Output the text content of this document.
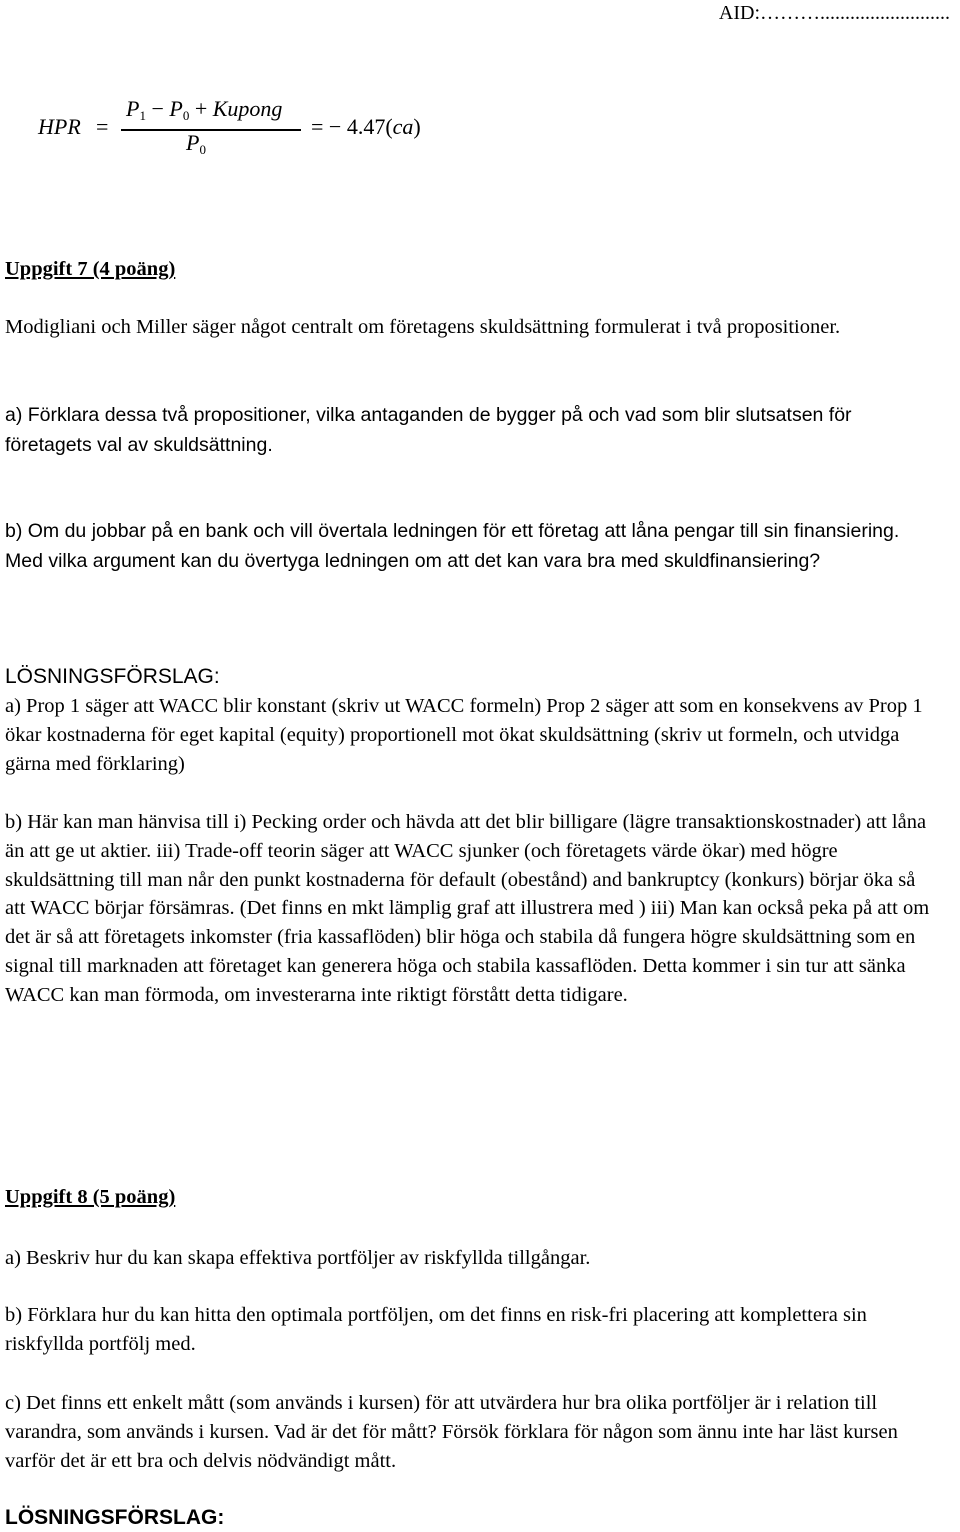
AID:………..........................
HPR =
$P_1 - P_0$ + Kupong
$P_0$
= − 4.47(ca)

Uppgift 7 (4 poäng)

Modigliani och Miller säger något centralt om företagens skuldsättning formulerat i två propositioner.

a) Förklara dessa två propositioner, vilka antaganden de bygger på och vad som blir slutsatsen för företagets val av skuldsättning.

b) Om du jobbar på en bank och vill övertala ledningen för ett företag att låna pengar till sin finansiering. Med vilka argument kan du övertyga ledningen om att det kan vara bra med skuldfinansiering?

LÖSNINGSFÖRSLAG:

a) Prop 1 säger att WACC blir konstant (skriv ut WACC formeln) Prop 2 säger att som en konsekvens av Prop 1 ökar kostnaderna för eget kapital (equity) proportionell mot ökat skuldsättning (skriv ut formeln, och utvidga gärna med förklaring)

b) Här kan man hänvisa till i) Pecking order och hävda att det blir billigare (lägre transaktionskostnader) att låna än att ge ut aktier. iii) Trade-off teorin säger att WACC sjunker (och företagets värde ökar) med högre skuldsättning till man når den punkt kostnaderna för default (obestånd) and bankruptcy (konkurs) börjar öka så att WACC börjar försämras. (Det finns en mkt lämplig graf att illustrera med ) iii) Man kan också peka på att om det är så att företagets inkomster (fria kassaflöden) blir höga och stabila då fungera högre skuldsättning som en signal till marknaden att företaget kan generera höga och stabila kassaflöden. Detta kommer i sin tur att sänka WACC kan man förmoda, om investerarna inte riktigt förstått detta tidigare.

Uppgift 8 (5 poäng)

a) Beskriv hur du kan skapa effektiva portföljer av riskfyllda tillgångar.

b) Förklara hur du kan hitta den optimala portföljen, om det finns en risk-fri placering att komplettera sin riskfyllda portfölj med.

c) Det finns ett enkelt mått (som används i kursen) för att utvärdera hur bra olika portföljer är i relation till varandra, som används i kursen. Vad är det för mått? Försök förklara för någon som ännu inte har läst kursen varför det är ett bra och delvis nödvändigt mått.

LÖSNINGSFÖRSLAG:
